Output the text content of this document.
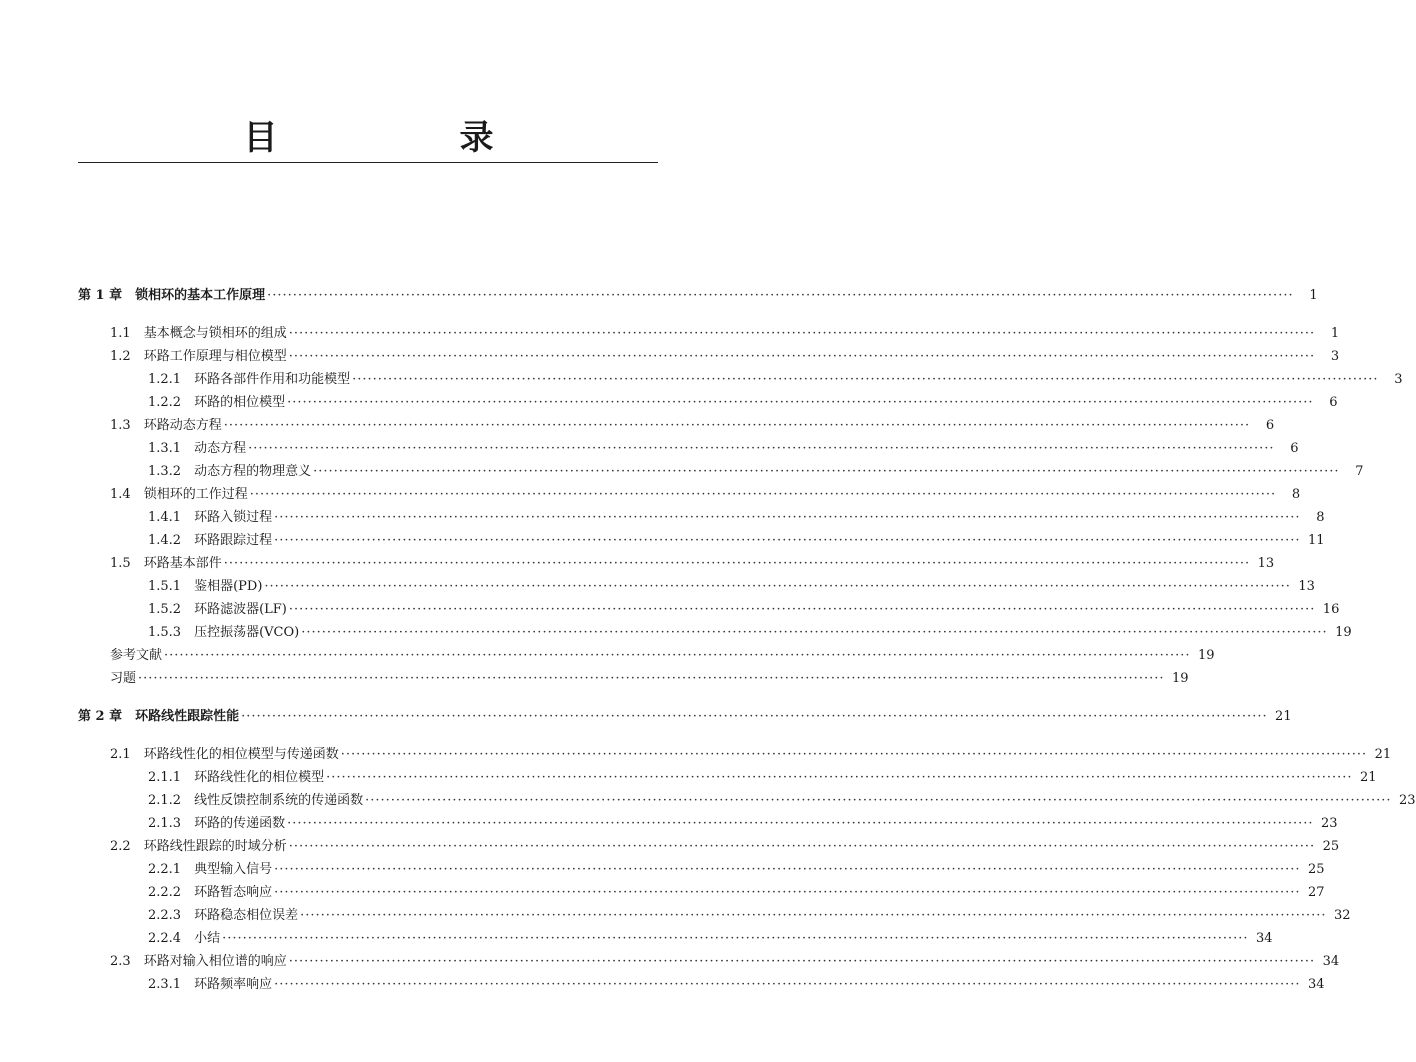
目　录
第 1 章　 锁相环的基本工作原理 ········································································································································································································	1
1.1　 基本概念与锁相环的组成 ········································································································································································································	1
1.2　 环路工作原理与相位模型 ········································································································································································································	3
1.2.1　 环路各部件作用和功能模型 ········································································································································································································	3
1.2.2　 环路的相位模型 ········································································································································································································	6
1.3　 环路动态方程 ········································································································································································································	6
1.3.1　 动态方程 ········································································································································································································	6
1.3.2　 动态方程的物理意义 ········································································································································································································	7
1.4　 锁相环的工作过程 ········································································································································································································	8
1.4.1　 环路入锁过程 ········································································································································································································	8
1.4.2　 环路跟踪过程 ········································································································································································································ 11
1.5　 环路基本部件 ········································································································································································································ 13
1.5.1　 鉴相器(PD) ········································································································································································································ 13
1.5.2　 环路滤波器(LF) ········································································································································································································ 16
1.5.3　 压控振荡器(VCO) ········································································································································································································ 19
参考文献 ········································································································································································································ 19
习题 ········································································································································································································ 19
第 2 章　 环路线性跟踪性能 ········································································································································································································ 21
2.1　 环路线性化的相位模型与传递函数 ········································································································································································································ 21
2.1.1　 环路线性化的相位模型 ········································································································································································································ 21
2.1.2　 线性反馈控制系统的传递函数 ········································································································································································································ 23
2.1.3　 环路的传递函数 ········································································································································································································ 23
2.2　 环路线性跟踪的时域分析 ········································································································································································································ 25
2.2.1　 典型输入信号 ········································································································································································································ 25
2.2.2　 环路暂态响应 ········································································································································································································ 27
2.2.3　 环路稳态相位误差 ········································································································································································································ 32
2.2.4　 小结 ········································································································································································································ 34
2.3　 环路对输入相位谱的响应 ········································································································································································································ 34
2.3.1　 环路频率响应 ········································································································································································································ 34
